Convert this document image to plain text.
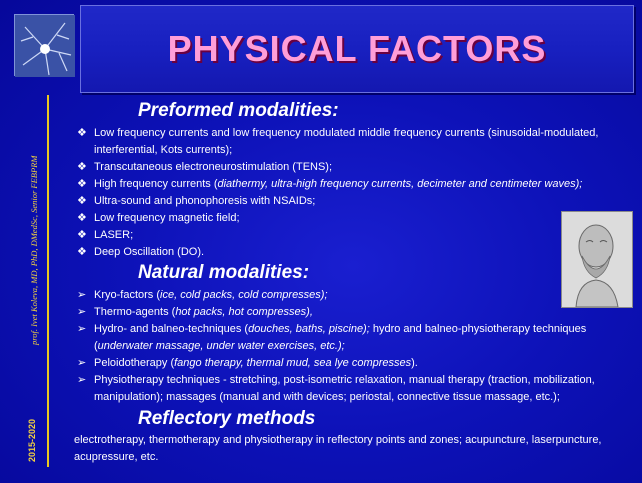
PHYSICAL FACTORS
prof. Ivet Koleva, MD, PhD, DMedSc, Senior FEBPRM
2015-2020
Preformed modalities:
❖ Low frequency currents and low frequency modulated middle frequency currents (sinusoidal-modulated,
interferential, Kots currents);
❖ Transcutaneous electroneurostimulation (TENS);
❖ High frequency currents (diathermy, ultra-high frequency currents, decimeter and centimeter waves);
❖ Ultra-sound and phonophoresis with NSAIDs;
❖ Low frequency magnetic field;
❖ LASER;
❖ Deep Oscillation (DO).
Natural modalities:
➢ Kryo-factors (ice, cold packs, cold compresses);
➢ Thermo-agents (hot packs, hot compresses),
➢ Hydro- and balneo-techniques (douches, baths, piscine); hydro and balneo-physiotherapy techniques
(underwater massage, under water exercises, etc.);
➢ Peloidotherapy (fango therapy, thermal mud, sea lye compresses).
➢ Physiotherapy techniques - stretching, post-isometric relaxation, manual therapy (traction, mobilization,
manipulation); massages (manual and with devices; periostal, connective tissue massage, etc.);
Reflectory methods
electrotherapy, thermotherapy and physiotherapy in reflectory points and zones; acupuncture, laserpuncture,
acupressure, etc.
